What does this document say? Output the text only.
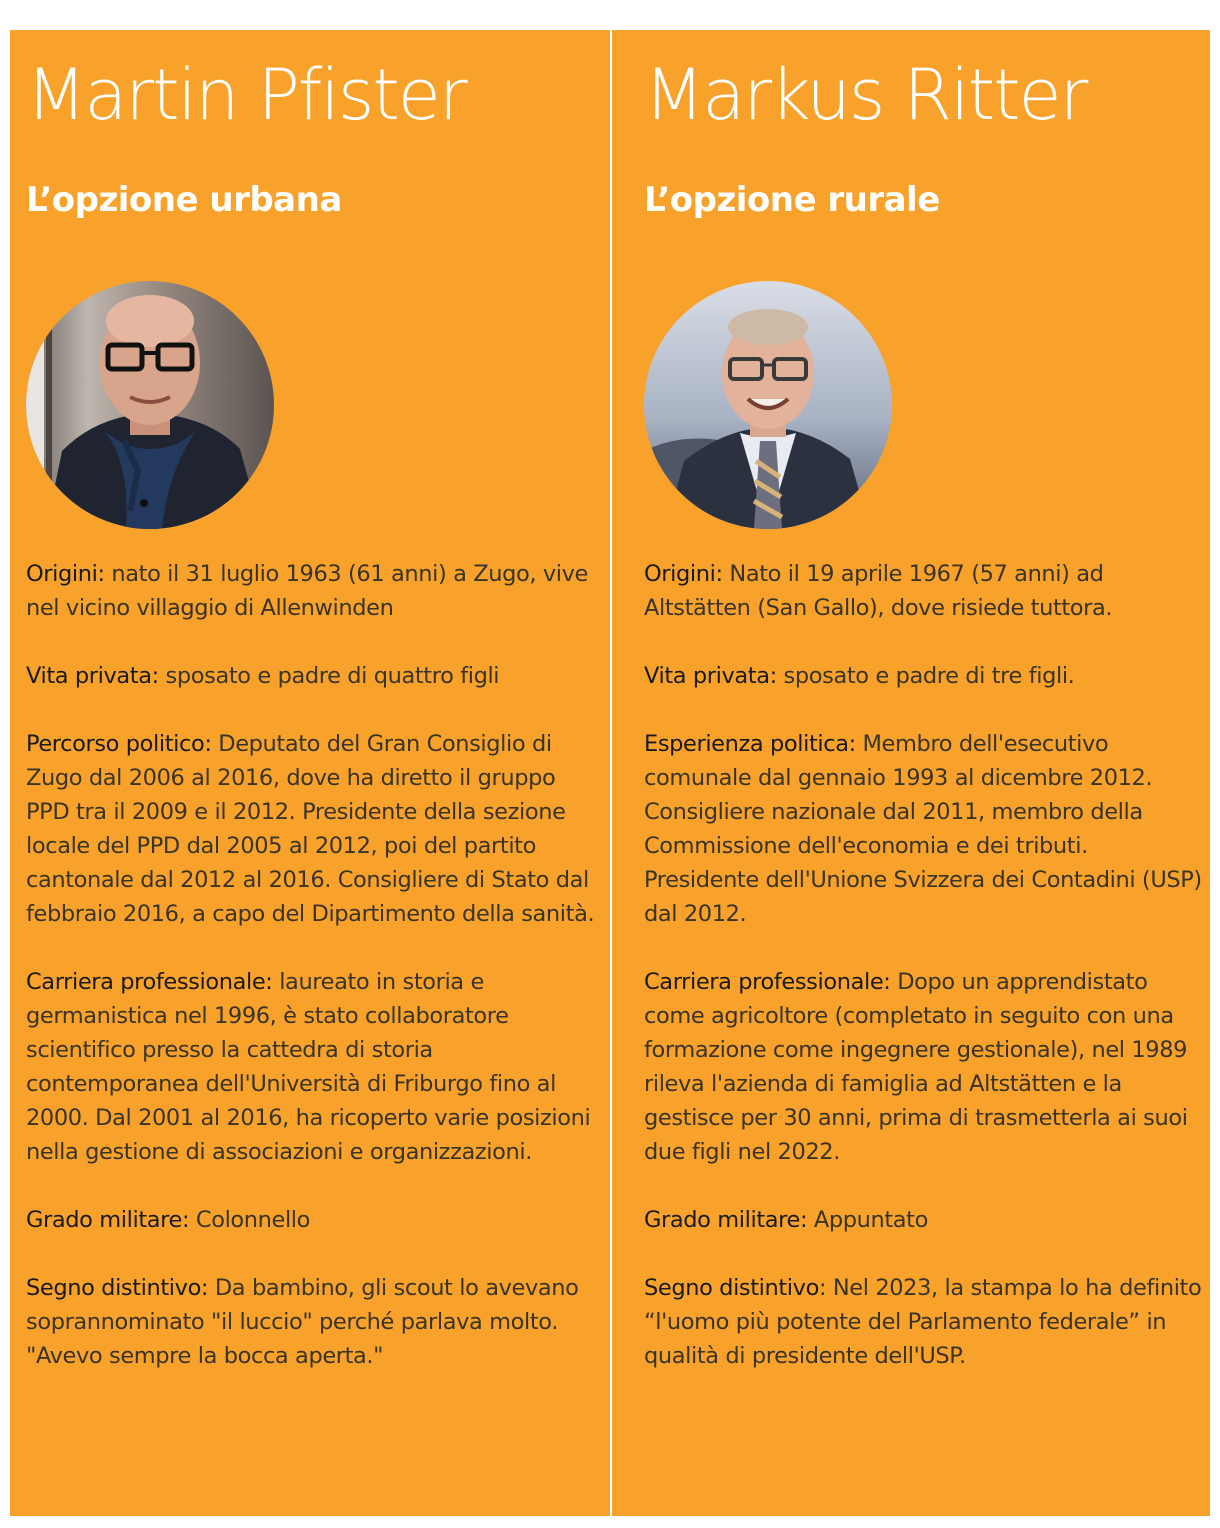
Martin Pfister
L’opzione urbana

Origini: nato il 31 luglio 1963 (61 anni) a Zugo, vive nel vicino villaggio di Allenwinden

Vita privata: sposato e padre di quattro figli

Percorso politico: Deputato del Gran Consiglio di Zugo dal 2006 al 2016, dove ha diretto il gruppo PPD tra il 2009 e il 2012. Presidente della sezione locale del PPD dal 2005 al 2012, poi del partito cantonale dal 2012 al 2016. Consigliere di Stato dal febbraio 2016, a capo del Dipartimento della sanità.

Carriera professionale: laureato in storia e germanistica nel 1996, è stato collaboratore scientifico presso la cattedra di storia contemporanea dell'Università di Friburgo fino al 2000. Dal 2001 al 2016, ha ricoperto varie posizioni nella gestione di associazioni e organizzazioni.

Grado militare: Colonnello

Segno distintivo: Da bambino, gli scout lo avevano soprannominato "il luccio" perché parlava molto. "Avevo sempre la bocca aperta."

Markus Ritter
L’opzione rurale

Origini: Nato il 19 aprile 1967 (57 anni) ad Altstätten (San Gallo), dove risiede tuttora.

Vita privata: sposato e padre di tre figli.

Esperienza politica: Membro dell'esecutivo comunale dal gennaio 1993 al dicembre 2012. Consigliere nazionale dal 2011, membro della Commissione dell'economia e dei tributi. Presidente dell'Unione Svizzera dei Contadini (USP) dal 2012.

Carriera professionale: Dopo un apprendistato come agricoltore (completato in seguito con una formazione come ingegnere gestionale), nel 1989 rileva l'azienda di famiglia ad Altstätten e la gestisce per 30 anni, prima di trasmetterla ai suoi due figli nel 2022.

Grado militare: Appuntato

Segno distintivo: Nel 2023, la stampa lo ha definito “l'uomo più potente del Parlamento federale” in qualità di presidente dell'USP.
